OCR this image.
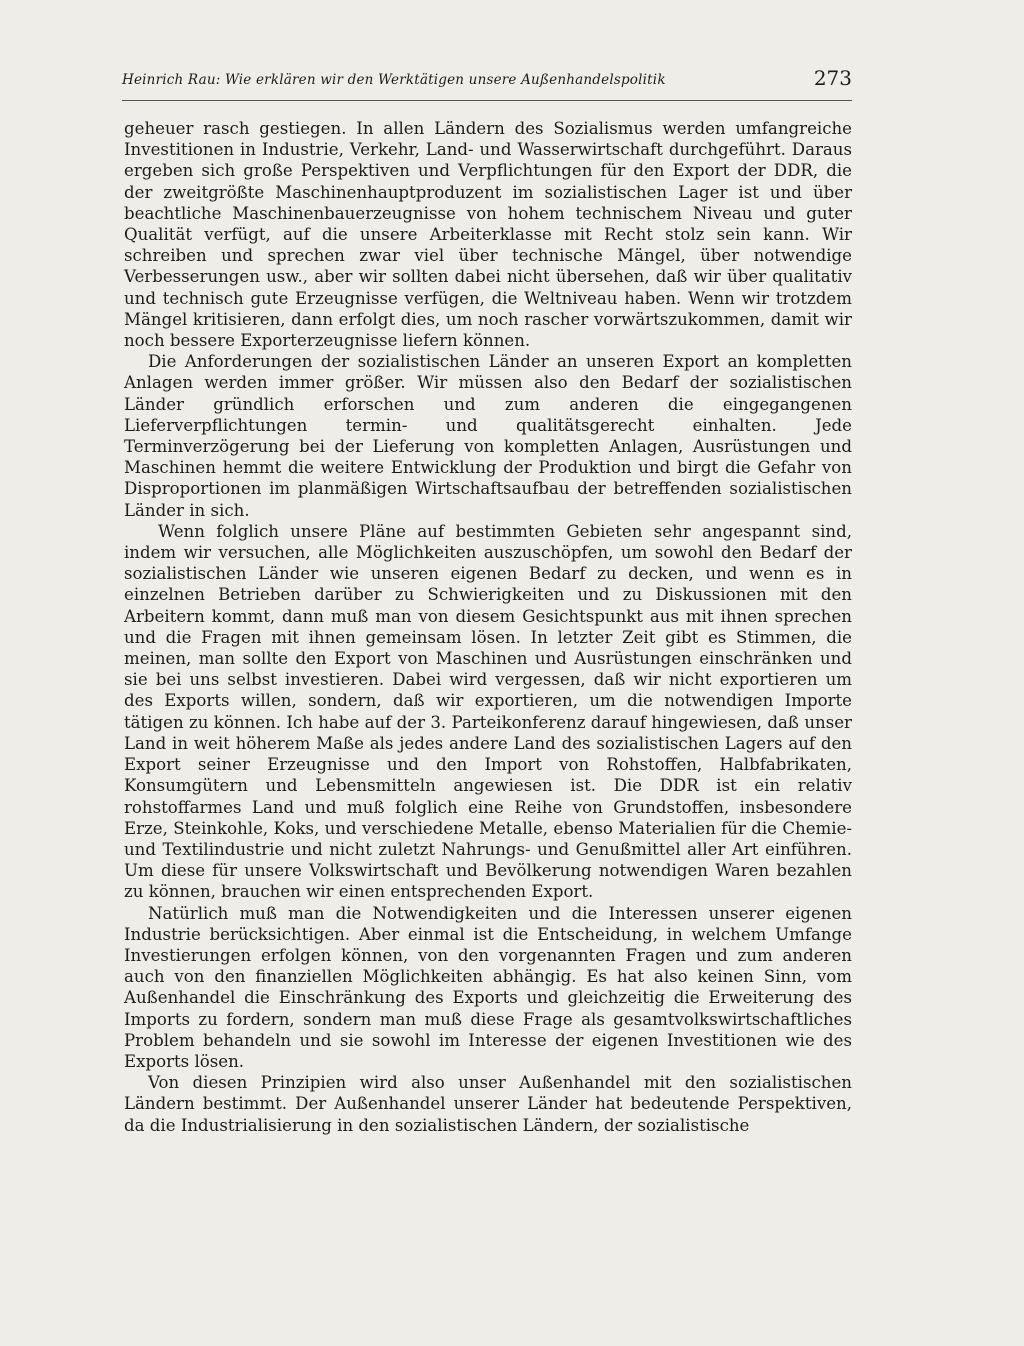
Heinrich Rau: Wie erklären wir den Werktätigen unsere Außenhandelspolitik	273

geheuer rasch gestiegen. In allen Ländern des Sozialismus werden umfangreiche Investitionen in Industrie, Verkehr, Land- und Wasserwirtschaft durchgeführt. Daraus ergeben sich große Perspektiven und Verpflichtungen für den Export der DDR, die der zweitgrößte Maschinenhauptproduzent im sozialistischen Lager ist und über beachtliche Maschinenbauerzeugnisse von hohem technischem Niveau und guter Qualität verfügt, auf die unsere Arbeiterklasse mit Recht stolz sein kann. Wir schreiben und sprechen zwar viel über technische Mängel, über notwendige Verbesserungen usw., aber wir sollten dabei nicht übersehen, daß wir über qualitativ und technisch gute Erzeugnisse verfügen, die Weltniveau haben. Wenn wir trotzdem Mängel kritisieren, dann erfolgt dies, um noch rascher vorwärtszukommen, damit wir noch bessere Exporterzeugnisse liefern können.

Die Anforderungen der sozialistischen Länder an unseren Export an kompletten Anlagen werden immer größer. Wir müssen also den Bedarf der sozialistischen Länder gründlich erforschen und zum anderen die eingegangenen Lieferverpflichtungen termin- und qualitätsgerecht einhalten. Jede Terminverzögerung bei der Lieferung von kompletten Anlagen, Ausrüstungen und Maschinen hemmt die weitere Entwicklung der Produktion und birgt die Gefahr von Disproportionen im planmäßigen Wirtschaftsaufbau der betreffenden sozialistischen Länder in sich.

Wenn folglich unsere Pläne auf bestimmten Gebieten sehr angespannt sind, indem wir versuchen, alle Möglichkeiten auszuschöpfen, um sowohl den Bedarf der sozialistischen Länder wie unseren eigenen Bedarf zu decken, und wenn es in einzelnen Betrieben darüber zu Schwierigkeiten und zu Diskussionen mit den Arbeitern kommt, dann muß man von diesem Gesichtspunkt aus mit ihnen sprechen und die Fragen mit ihnen gemeinsam lösen. In letzter Zeit gibt es Stimmen, die meinen, man sollte den Export von Maschinen und Ausrüstungen einschränken und sie bei uns selbst investieren. Dabei wird vergessen, daß wir nicht exportieren um des Exports willen, sondern, daß wir exportieren, um die notwendigen Importe tätigen zu können. Ich habe auf der 3. Parteikonferenz darauf hingewiesen, daß unser Land in weit höherem Maße als jedes andere Land des sozialistischen Lagers auf den Export seiner Erzeugnisse und den Import von Rohstoffen, Halbfabrikaten, Konsumgütern und Lebensmitteln angewiesen ist. Die DDR ist ein relativ rohstoffarmes Land und muß folglich eine Reihe von Grundstoffen, insbesondere Erze, Steinkohle, Koks, und verschiedene Metalle, ebenso Materialien für die Chemie- und Textilindustrie und nicht zuletzt Nahrungs- und Genußmittel aller Art einführen. Um diese für unsere Volkswirtschaft und Bevölkerung notwendigen Waren bezahlen zu können, brauchen wir einen entsprechenden Export.

Natürlich muß man die Notwendigkeiten und die Interessen unserer eigenen Industrie berücksichtigen. Aber einmal ist die Entscheidung, in welchem Umfange Investierungen erfolgen können, von den vorgenannten Fragen und zum anderen auch von den finanziellen Möglichkeiten abhängig. Es hat also keinen Sinn, vom Außenhandel die Einschränkung des Exports und gleichzeitig die Erweiterung des Imports zu fordern, sondern man muß diese Frage als gesamtvolkswirtschaftliches Problem behandeln und sie sowohl im Interesse der eigenen Investitionen wie des Exports lösen.

Von diesen Prinzipien wird also unser Außenhandel mit den sozialistischen Ländern bestimmt. Der Außenhandel unserer Länder hat bedeutende Perspektiven, da die Industrialisierung in den sozialistischen Ländern, der sozialistische
